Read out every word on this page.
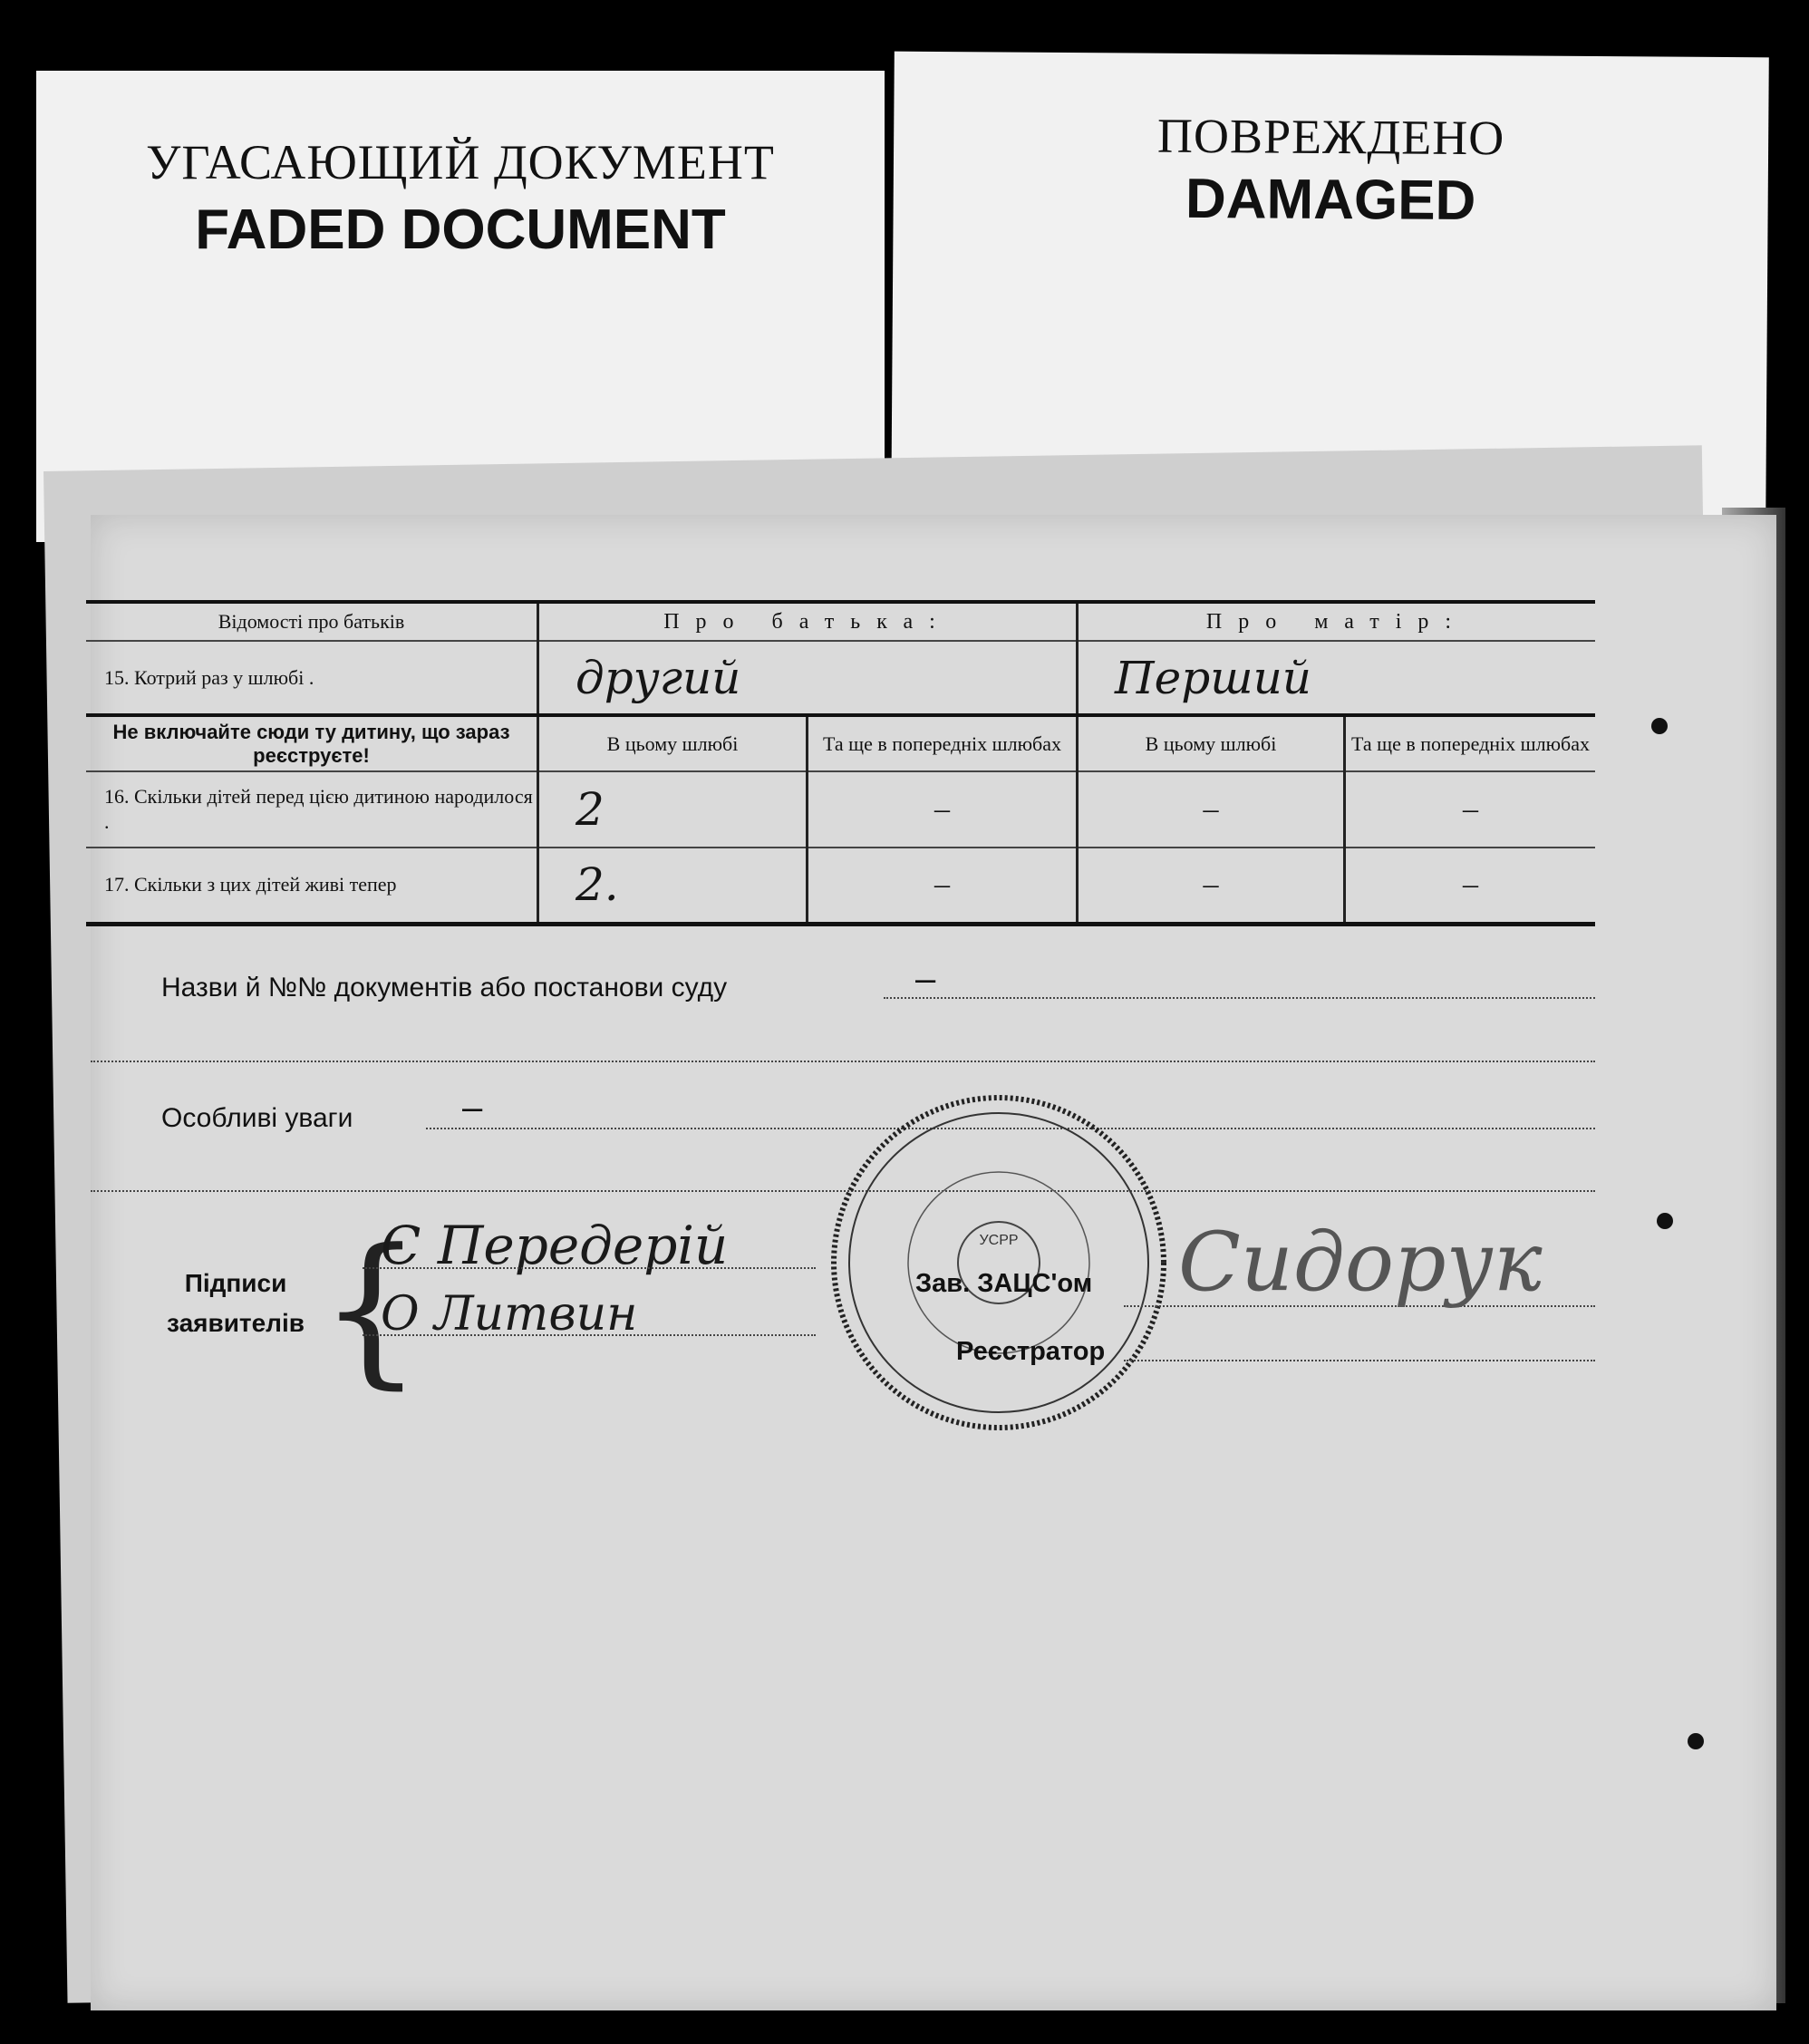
УГАСАЮЩИЙ ДОКУМЕНТ
FADED DOCUMENT
ПОВРЕЖДЕНО
DAMAGED
Відомості про батьків	Про батька:		Про матір:	
15. Котрий раз у шлюбі .	другий		Перший	
Не включайте сюди ту дитину, що зараз реєструєте!	В цьому шлюбі	Та ще в попередніх шлюбах	В цьому шлюбі	Та ще в попередніх шлюбах
16. Скільки дітей перед цією дитиною народилося .	2	–	–	–
17. Скільки з цих дітей живі тепер	2.	–	–	–
Назви й №№ документів або постанови суду	–
Особливі уваги	–
Підписи заявителів {
С Передерій
О Литвин
УСРР
Зав. ЗАЦС'ом
Реєстратор
Сидорук
